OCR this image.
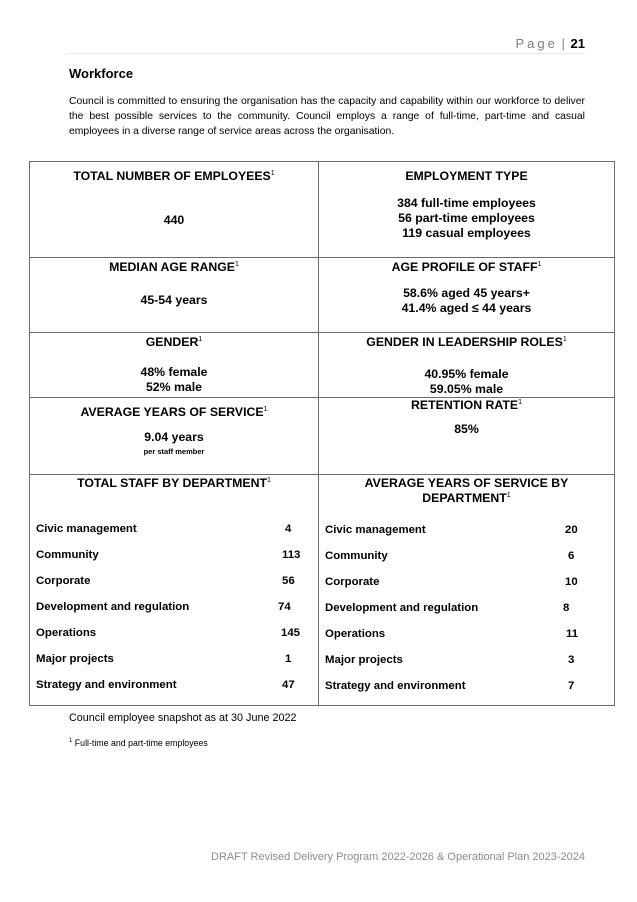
Page | 21
Workforce

Council is committed to ensuring the organisation has the capacity and capability within our workforce to deliver the best possible services to the community. Council employs a range of full-time, part-time and casual employees in a diverse range of service areas across the organisation.

TOTAL NUMBER OF EMPLOYEES$^1$
440
EMPLOYMENT TYPE
384 full-time employees
56 part-time employees
119 casual employees
MEDIAN AGE RANGE$^1$
45-54 years
AGE PROFILE OF STAFF$^1$
58.6% aged 45 years+
41.4% aged ≤ 44 years
GENDER$^1$
48% female
52% male
GENDER IN LEADERSHIP ROLES$^1$
40.95% female
59.05% male
AVERAGE YEARS OF SERVICE$^1$
9.04 years
per staff member
RETENTION RATE$^1$
85%
TOTAL STAFF BY DEPARTMENT$^1$
Civic management	4
Community	113
Corporate	56
Development and regulation	74
Operations	145
Major projects	1
Strategy and environment	47
AVERAGE YEARS OF SERVICE BY
DEPARTMENT$^1$
Civic management	20
Community	6
Corporate	10
Development and regulation	8
Operations	11
Major projects	3
Strategy and environment	7
Council employee snapshot as at 30 June 2022
$^1$ Full-time and part-time employees
DRAFT Revised Delivery Program 2022-2026 & Operational Plan 2023-2024
